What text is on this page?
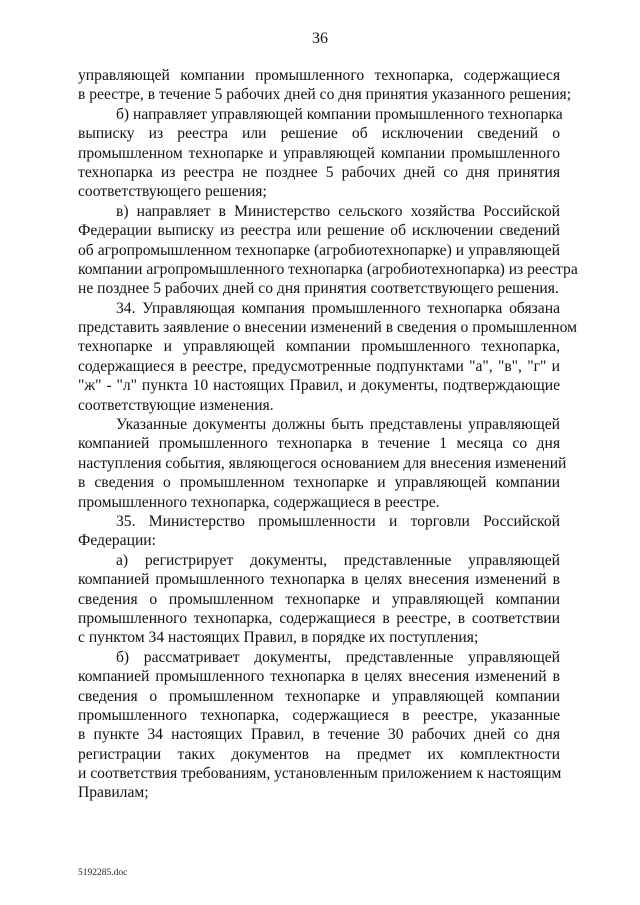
36
управляющей компании промышленного технопарка, содержащиеся
в реестре, в течение 5 рабочих дней со дня принятия указанного решения;
б) направляет управляющей компании промышленного технопарка
выписку из реестра или решение об исключении сведений о
промышленном технопарке и управляющей компании промышленного
технопарка из реестра не позднее 5 рабочих дней со дня принятия
соответствующего решения;
в) направляет в Министерство сельского хозяйства Российской
Федерации выписку из реестра или решение об исключении сведений
об агропромышленном технопарке (агробиотехнопарке) и управляющей
компании агропромышленного технопарка (агробиотехнопарка) из реестра
не позднее 5 рабочих дней со дня принятия соответствующего решения.
34. Управляющая компания промышленного технопарка обязана
представить заявление о внесении изменений в сведения о промышленном
технопарке и управляющей компании промышленного технопарка,
содержащиеся в реестре, предусмотренные подпунктами "а", "в", "г" и
"ж" - "л" пункта 10 настоящих Правил, и документы, подтверждающие
соответствующие изменения.
Указанные документы должны быть представлены управляющей
компанией промышленного технопарка в течение 1 месяца со дня
наступления события, являющегося основанием для внесения изменений
в сведения о промышленном технопарке и управляющей компании
промышленного технопарка, содержащиеся в реестре.
35. Министерство промышленности и торговли Российской
Федерации:
а) регистрирует документы, представленные управляющей
компанией промышленного технопарка в целях внесения изменений в
сведения о промышленном технопарке и управляющей компании
промышленного технопарка, содержащиеся в реестре, в соответствии
с пунктом 34 настоящих Правил, в порядке их поступления;
б) рассматривает документы, представленные управляющей
компанией промышленного технопарка в целях внесения изменений в
сведения о промышленном технопарке и управляющей компании
промышленного технопарка, содержащиеся в реестре, указанные
в пункте 34 настоящих Правил, в течение 30 рабочих дней со дня
регистрации таких документов на предмет их комплектности
и соответствия требованиям, установленным приложением к настоящим
Правилам;
5192285.doc
